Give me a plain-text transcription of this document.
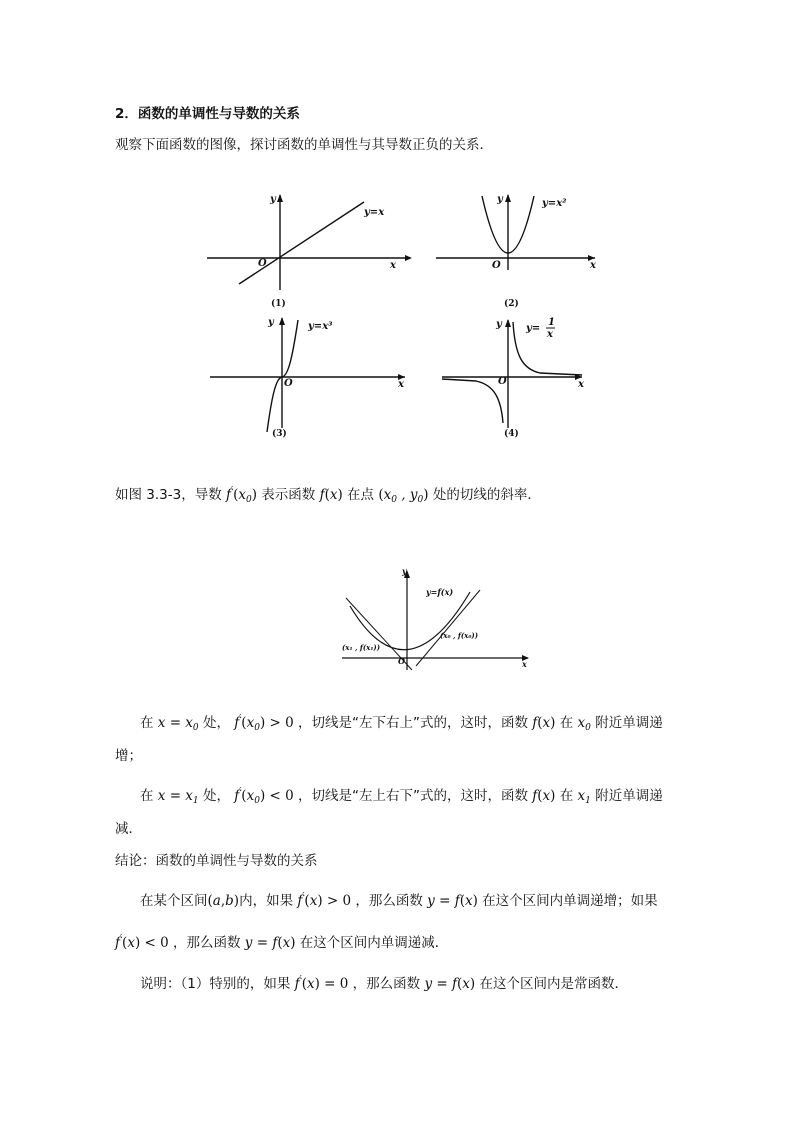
2．函数的单调性与导数的关系
观察下面函数的图像，探讨函数的单调性与其导数正负的关系．
y
O	x
y=x
(1)
y
O	x
y=x²
(2)
y
O	x
y=x³
(3)
y
O	x
y=
1
x
(4)
如图 3.3-3，导数 $f'(x_0)$ 表示函数 f(x) 在点 ($x_0$ , $y_0$) 处的切线的斜率．
y
O	x
y=f(x)
(x₀ , f(x₀))
(x₁ , f(x₁))
在 $x = x_0$ 处， $f'(x_0) > 0$ ，切线是“左下右上”式的，这时，函数 f(x) 在 $x_0$ 附近单调递
增；
在 $x = x_1$ 处， $f'(x_0) < 0$ ，切线是“左上右下”式的，这时，函数 f(x) 在 $x_1$ 附近单调递
减．
结论：函数的单调性与导数的关系
在某个区间(a,b)内，如果 f′(x) > 0 ，那么函数 y = f(x) 在这个区间内单调递增；如果
f′(x) < 0 ，那么函数 y = f(x) 在这个区间内单调递减．
说明：（1）特别的，如果 f′(x) = 0 ，那么函数 y = f(x) 在这个区间内是常函数．
